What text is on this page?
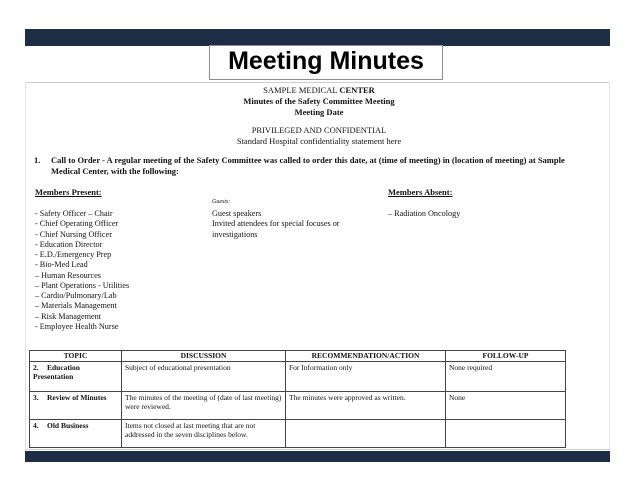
Meeting Minutes
SAMPLE MEDICAL CENTER
Minutes of the Safety Committee Meeting
Meeting Date
PRIVILEGED AND CONFIDENTIAL
Standard Hospital confidentiality statement here
1. Call to Order - A regular meeting of the Safety Committee was called to order this date, at (time of meeting) in (location of meeting) at Sample Medical Center, with the following:
Members Present:
Guests:
Members Absent:
- Safety Officer – Chair
- Chief Operating Officer
- Chief Nursing Officer
- Education Director
- E.D./Emergency Prep
- Bio-Med Lead
– Human Resources
– Plant Operations - Utilities
– Cardio/Pulmonary/Lab
– Materials Management
– Risk Management
- Employee Health Nurse
Guest speakers
Invited attendees for special focuses or
investigations
– Radiation Oncology
TOPIC	DISCUSSION	RECOMMENDATION/ACTION	FOLLOW-UP
2. Education Presentation	Subject of educational presentation	For Information only	None required
3. Review of Minutes	The minutes of the meeting of (date of last meeting) were reviewed.	The minutes were approved as written.	None
4. Old Business	Items not closed at last meeting that are not addressed in the seven disciplines below.		
